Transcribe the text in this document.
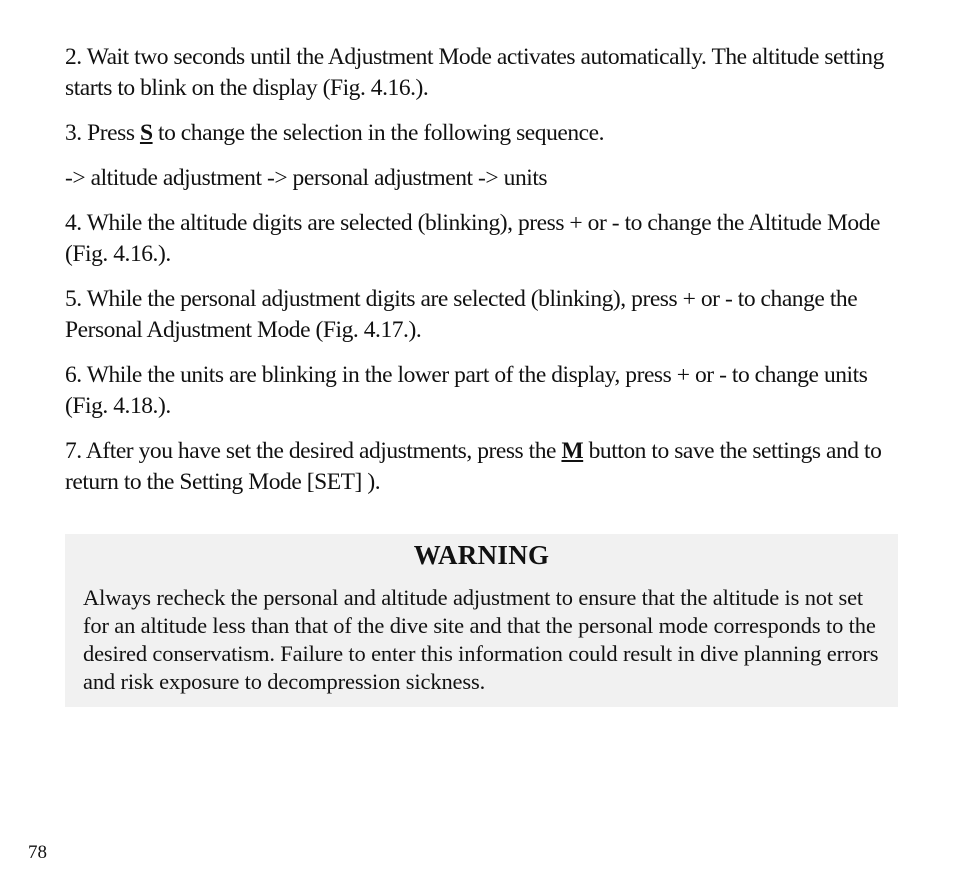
2. Wait two seconds until the Adjustment Mode activates automatically. The altitude setting starts to blink on the display (Fig. 4.16.).

3. Press S to change the selection in the following sequence.

-> altitude adjustment -> personal adjustment -> units

4. While the altitude digits are selected (blinking), press + or - to change the Altitude Mode (Fig. 4.16.).

5. While the personal adjustment digits are selected (blinking), press + or - to change the Personal Adjustment Mode (Fig. 4.17.).

6. While the units are blinking in the lower part of the display, press + or - to change units (Fig. 4.18.).

7. After you have set the desired adjustments, press the M button to save the settings and to return to the Setting Mode [SET] ).

WARNING

Always recheck the personal and altitude adjustment to ensure that the altitude is not set for an altitude less than that of the dive site and that the personal mode corresponds to the desired conservatism. Failure to enter this information could result in dive planning errors and risk exposure to decompression sickness.

78
